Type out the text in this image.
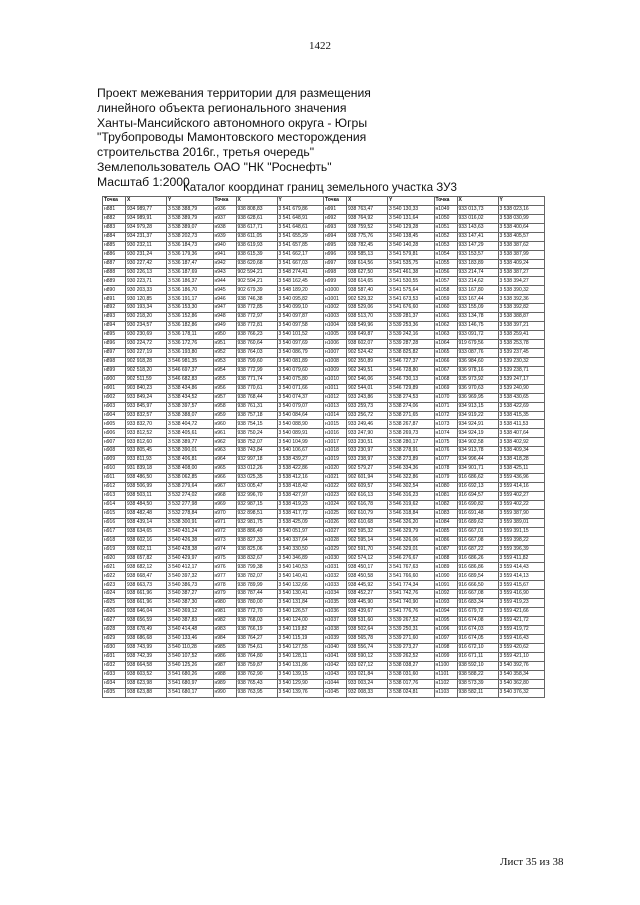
1422
Проект межевания территории для размещения
линейного объекта регионального значения
Ханты-Мансийского автономного округа - Югры
"Трубопроводы Мамонтовского месторождения
строительства 2016г., третья очередь"
Землепользователь ОАО "НК "Роснефть"
Масштаб 1:2000
Каталог координат границ земельного участка ЗУ3
Точка	X	Y	Точка	X	Y	Точка	X	Y	Точка	X	Y
н881	934 989,77	3 538 388,79	н936	938 808,83	3 541 679,86	н991	938 763,47	3 540 130,33	н1049	933 013,73	3 538 023,16
н882	934 989,91	3 538 389,79	н937	938 628,61	3 541 648,91	н992	938 764,92	3 540 131,64	н1050	933 016,02	3 538 030,99
н883	934 979,28	3 538 389,07	н938	938 617,71	3 541 648,61	н993	938 759,52	3 540 129,28	н1051	933 143,63	3 538 400,64
н884	934 231,37	3 538 202,73	н939	938 611,05	3 541 655,29	н994	938 775,76	3 540 138,45	н1052	933 147,41	3 538 405,57
н885	930 232,11	3 536 184,73	н940	938 619,93	3 541 657,85	н995	938 782,45	3 540 140,28	н1053	933 147,29	3 538 387,62
н886	930 231,24	3 536 179,36	н941	938 615,39	3 541 662,17	н996	938 585,13	3 541 579,81	н1054	933 153,57	3 538 387,99
н887	930 227,42	3 536 187,47	н942	938 620,68	3 541 667,03	н997	938 614,56	3 541 535,75	н1055	933 183,89	3 538 409,24
н888	930 226,13	3 536 187,69	н943	902 594,21	3 548 274,41	н998	938 627,50	3 541 461,38	н1056	933 214,74	3 538 387,27
н889	930 223,71	3 536 186,37	н944	902 594,21	3 548 162,45	н999	938 614,65	3 541 530,55	н1057	933 214,62	3 538 394,27
н890	930 203,33	3 536 186,70	н945	902 679,39	3 548 189,20	н1000	938 587,40	3 541 575,64	н1058	933 167,80	3 538 390,32
н891	930 120,85	3 536 191,17	н946	938 746,38	3 540 095,82	н1001	902 529,32	3 541 673,53	н1059	933 167,44	3 538 392,36
н892	930 193,34	3 536 153,30	н947	938 772,85	3 540 099,10	н1002	938 529,06	3 541 676,60	н1060	933 155,09	3 538 392,82
н893	930 218,20	3 536 152,86	н948	938 772,97	3 540 097,87	н1003	938 513,70	3 539 281,37	н1061	933 134,78	3 538 388,87
н894	930 234,57	3 536 182,86	н949	938 772,81	3 540 097,58	н1004	938 549,96	3 539 253,36	н1062	933 146,75	3 538 397,21
н895	930 230,69	3 536 178,11	н950	938 766,23	3 540 101,52	н1005	938 649,87	3 539 242,16	н1063	933 091,72	3 538 259,41
н896	930 224,72	3 536 172,76	н951	938 760,64	3 540 097,69	н1006	938 602,07	3 539 287,28	н1064	919 679,56	3 538 253,78
н897	930 227,19	3 536 193,80	н952	938 764,03	3 540 086,79	н1007	902 524,42	3 538 825,82	н1065	933 087,76	3 539 237,45
н898	902 918,28	3 546 981,35	н953	938 799,60	3 540 081,89	н1008	902 350,89	3 546 727,37	н1066	936 984,60	3 539 230,32
н899	902 518,20	3 546 697,37	н954	938 772,99	3 540 079,60	н1009	902 349,51	3 546 728,80	н1067	936 978,16	3 539 238,71
н900	902 511,59	3 546 682,83	н955	938 771,74	3 540 075,80	н1010	902 546,06	3 546 730,13	н1068	935 973,92	3 539 247,17
н901	903 840,23	3 538 434,86	н956	938 770,61	3 540 071,66	н1011	902 544,01	3 546 729,89	н1069	936 970,63	3 539 240,90
н902	933 849,24	3 538 434,52	н957	938 768,44	3 540 074,37	н1012	933 243,86	3 538 274,53	н1070	936 969,95	3 538 430,65
н903	933 845,97	3 538 397,57	н958	938 761,31	3 540 079,07	н1013	933 259,73	3 538 274,06	н1071	934 913,15	3 538 422,69
н904	933 832,57	3 538 388,07	н959	938 757,18	3 540 084,64	н1014	933 256,72	3 538 271,65	н1072	934 919,22	3 538 415,35
н905	933 832,70	3 538 404,72	н960	938 754,15	3 540 088,90	н1015	933 249,46	3 538 267,87	н1073	934 924,91	3 538 411,53
н906	933 812,52	3 538 405,61	н961	938 750,24	3 540 089,91	н1016	933 247,90	3 538 269,73	н1074	934 924,19	3 538 407,64
н907	933 812,60	3 538 389,77	н962	938 752,07	3 540 104,99	н1017	933 230,51	3 538 280,17	н1075	934 902,58	3 538 402,92
н908	933 805,45	3 538 390,01	н963	938 743,84	3 540 106,67	н1018	933 230,97	3 538 278,91	н1076	934 913,78	3 538 409,34
н909	933 811,93	3 538 406,81	н964	932 997,18	3 538 439,27	н1019	933 238,97	3 538 273,89	н1077	934 996,44	3 538 418,28
н910	931 839,18	3 538 408,00	н965	933 012,26	3 538 422,86	н1020	902 579,27	3 546 334,36	н1078	934 901,71	3 538 425,11
н911	938 486,50	3 538 062,85	н966	933 025,35	3 538 412,16	н1021	902 601,94	3 546 322,86	н1079	916 686,62	3 559 436,96
н912	938 506,99	3 538 279,64	н967	933 005,47	3 538 418,42	н1022	902 609,57	3 546 302,54	н1080	916 692,13	3 559 414,16
н913	938 503,11	3 532 274,02	н968	932 996,70	3 538 427,97	н1023	902 616,13	3 546 316,23	н1081	916 694,57	3 559 402,27
н914	938 484,50	3 532 277,98	н969	932 987,15	3 538 419,23	н1024	902 616,78	3 546 319,62	н1082	916 690,82	3 559 402,22
н915	938 482,48	3 532 278,84	н970	932 898,51	3 538 417,72	н1025	902 610,79	3 546 318,84	н1083	916 691,48	3 559 387,90
н916	938 439,14	3 538 300,91	н971	932 981,75	3 538 425,09	н1026	902 610,68	3 546 326,20	н1084	916 689,62	3 559 389,01
н917	938 634,65	3 540 431,24	н972	938 886,49	3 540 051,97	н1027	902 595,32	3 546 329,79	н1085	916 667,01	3 559 391,15
н918	938 602,16	3 540 426,38	н973	938 827,33	3 540 337,64	н1028	902 595,14	3 546 326,06	н1086	916 667,08	3 559 398,22
н919	938 602,11	3 540 428,38	н974	938 825,06	3 540 330,50	н1029	902 591,70	3 546 329,01	н1087	916 687,22	3 559 396,39
н920	938 657,82	3 540 429,97	н975	938 832,67	3 540 346,89	н1030	902 574,12	3 546 276,67	н1088	916 686,26	3 559 411,82
н921	938 682,12	3 540 412,17	н976	938 799,38	3 540 140,53	н1031	938 450,17	3 541 767,63	н1089	916 686,86	3 559 414,43
н922	938 668,47	3 540 397,32	н977	938 782,07	3 540 140,41	н1032	938 450,58	3 541 766,60	н1090	916 689,54	3 559 414,13
н923	938 663,73	3 540 386,73	н978	938 789,99	3 540 132,66	н1033	938 445,92	3 541 774,34	н1091	916 666,50	3 559 415,67
н924	938 661,96	3 540 387,27	н979	938 787,44	3 540 130,41	н1034	938 452,27	3 541 742,76	н1092	916 667,08	3 559 416,90
н925	938 661,96	3 540 387,30	н980	938 780,00	3 540 131,84	н1035	938 445,90	3 541 740,90	н1093	916 683,34	3 559 419,23
н926	938 646,04	3 540 369,12	н981	938 772,70	3 540 126,57	н1036	938 439,67	3 541 776,76	н1094	916 679,72	3 559 421,66
н927	938 656,59	3 540 387,83	н982	938 768,03	3 540 124,00	н1037	938 531,60	3 539 267,52	н1095	916 674,08	3 559 421,72
н928	938 678,49	3 540 414,48	н983	938 766,19	3 540 119,82	н1038	938 502,64	3 539 250,31	н1096	916 674,03	3 559 419,72
н929	938 686,68	3 540 133,46	н984	938 764,27	3 540 115,19	н1039	938 565,78	3 539 271,60	н1097	916 674,05	3 559 416,43
н930	938 743,99	3 540 110,28	н985	938 754,61	3 540 127,55	н1040	938 556,74	3 539 273,27	н1098	916 672,10	3 559 420,62
н931	938 742,39	3 540 107,52	н986	938 764,80	3 540 128,11	н1041	938 590,12	3 539 262,52	н1099	916 671,11	3 559 421,10
н932	938 664,58	3 540 125,26	н987	938 759,87	3 540 131,86	н1042	933 027,12	3 538 038,27	н1100	938 592,10	3 540 392,76
н933	938 603,52	3 541 680,26	н988	938 762,90	3 540 139,15	н1043	933 021,84	3 538 031,60	н1101	938 588,22	3 540 358,34
н934	938 623,98	3 541 680,97	н989	938 765,43	3 540 129,90	н1044	933 003,24	3 538 017,76	н1102	938 573,39	3 540 362,80
н935	938 623,88	3 541 680,17	н990	938 763,95	3 540 139,76	н1045	932 008,33	3 538 024,81	н1103	938 582,11	3 540 376,32
Лист 35 из 38
